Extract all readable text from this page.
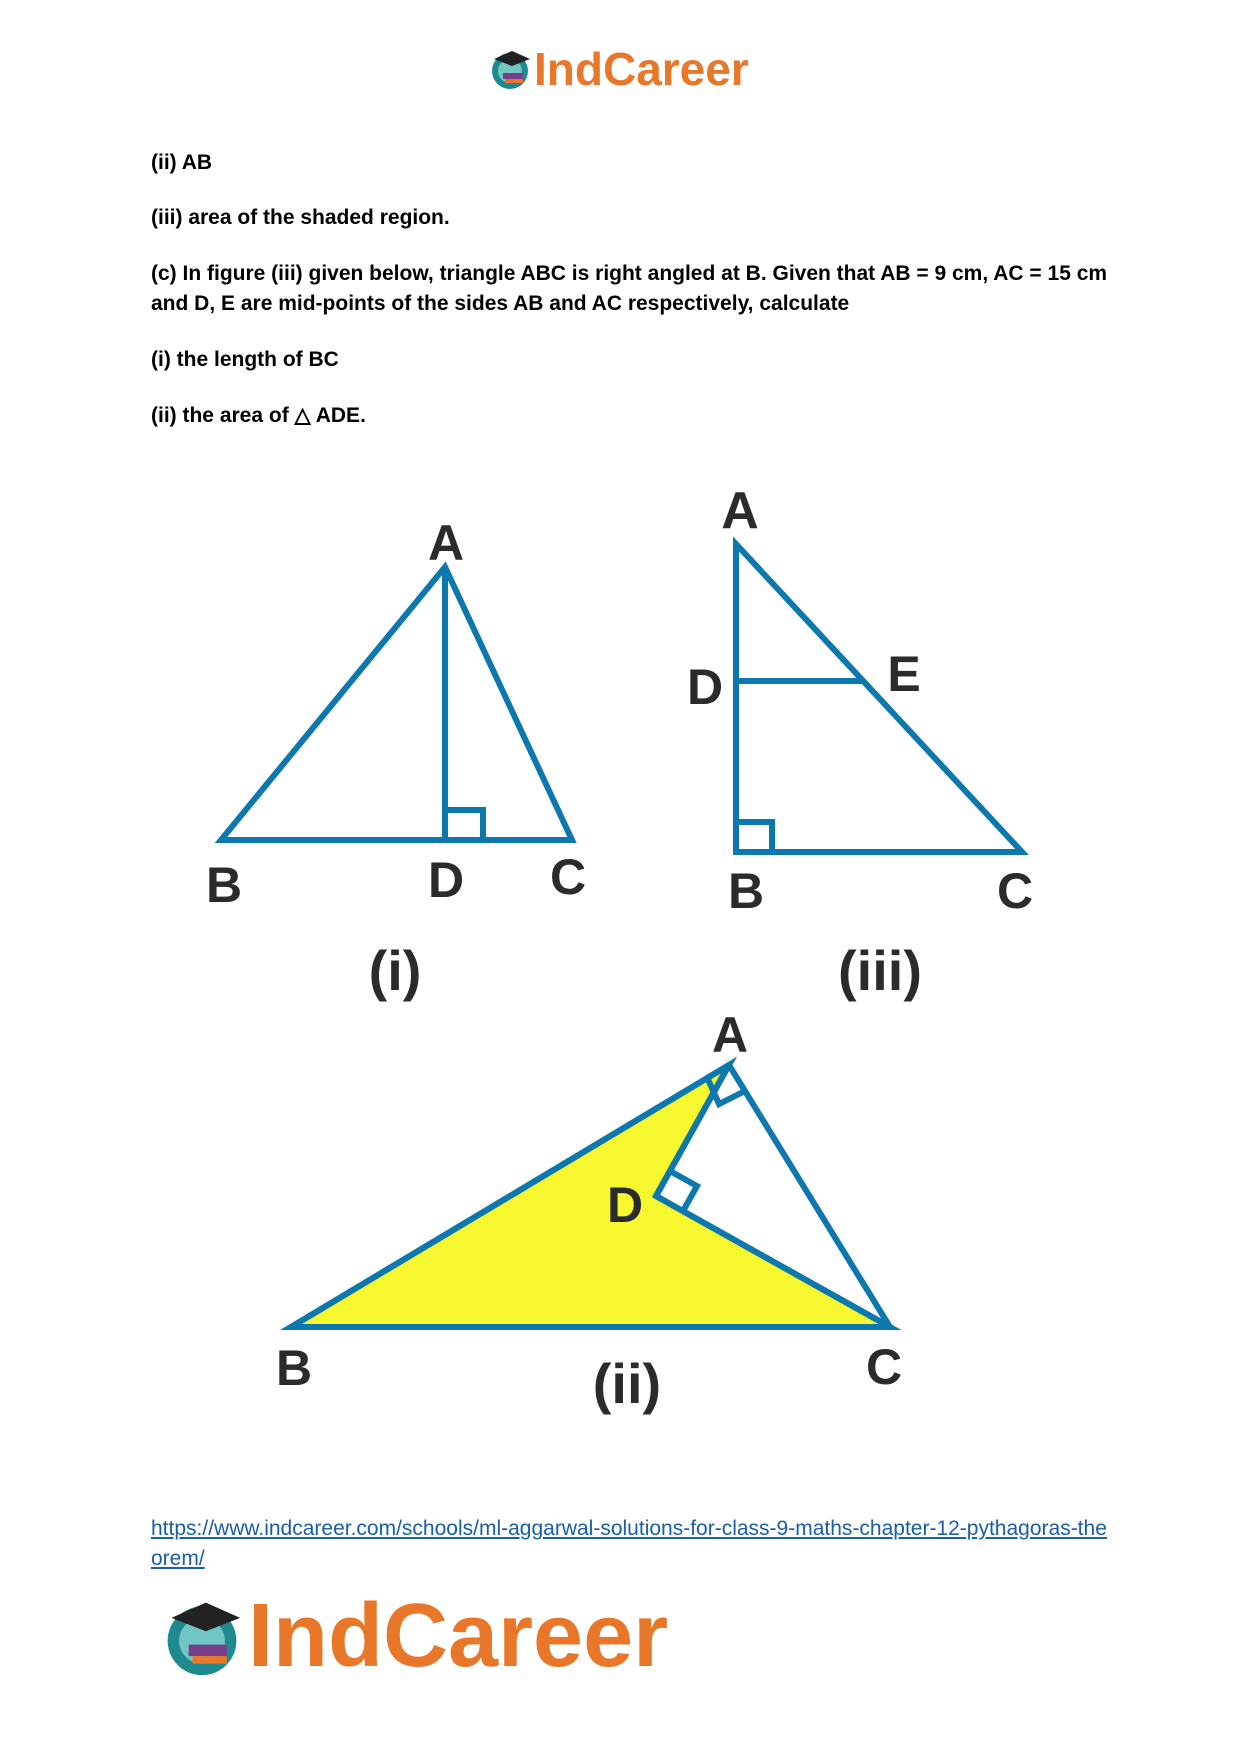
IndCareer

(ii) AB

(iii) area of the shaded region.

(c) In figure (iii) given below, triangle ABC is right angled at B. Given that AB = 9 cm, AC = 15 cm and D, E are mid-points of the sides AB and AC respectively, calculate

(i) the length of BC

(ii) the area of △ ADE.

A
B	D C
(i)
A
D	E
B	C
(iii)
A
D
B	C
(ii)
https://www.indcareer.com/schools/ml-aggarwal-solutions-for-class-9-maths-chapter-12-pythagoras-theorem/
IndCareer
